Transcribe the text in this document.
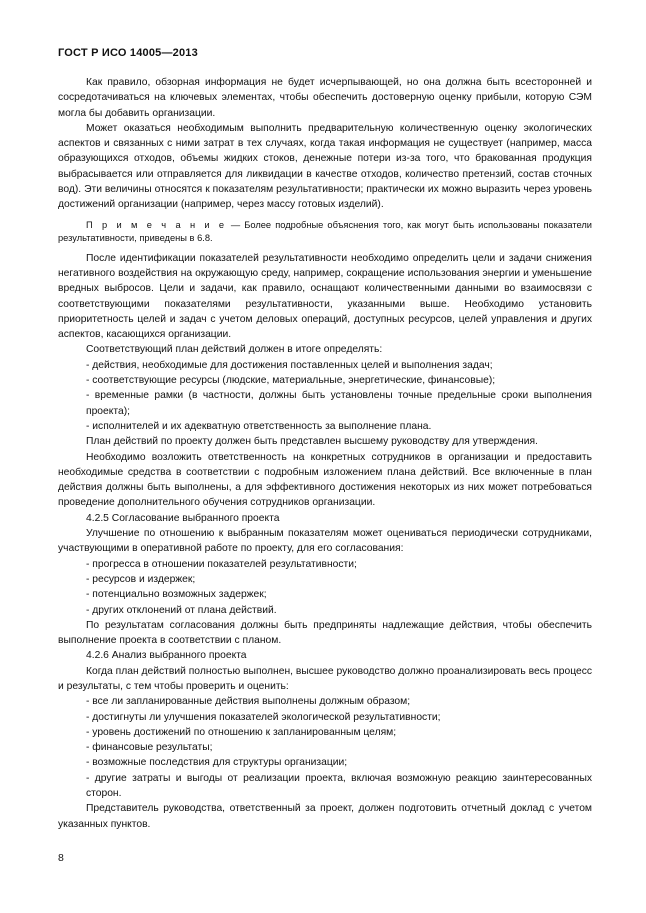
ГОСТ Р ИСО 14005—2013

Как правило, обзорная информация не будет исчерпывающей, но она должна быть всесторонней и сосредотачиваться на ключевых элементах, чтобы обеспечить достоверную оценку прибыли, которую СЭМ могла бы добавить организации.

Может оказаться необходимым выполнить предварительную количественную оценку экологических аспектов и связанных с ними затрат в тех случаях, когда такая информация не существует (например, масса образующихся отходов, объемы жидких стоков, денежные потери из-за того, что бракованная продукция выбрасывается или отправляется для ликвидации в качестве отходов, количество претензий, состав сточных вод). Эти величины относятся к показателям результативности; практически их можно выразить через уровень достижений организации (например, через массу готовых изделий).

П р и м е ч а н и е — Более подробные объяснения того, как могут быть использованы показатели результативности, приведены в 6.8.

После идентификации показателей результативности необходимо определить цели и задачи снижения негативного воздействия на окружающую среду, например, сокращение использования энергии и уменьшение вредных выбросов. Цели и задачи, как правило, оснащают количественными данными во взаимосвязи с соответствующими показателями результативности, указанными выше. Необходимо установить приоритетность целей и задач с учетом деловых операций, доступных ресурсов, целей управления и других аспектов, касающихся организации.

Соответствующий план действий должен в итоге определять:

- действия, необходимые для достижения поставленных целей и выполнения задач;

- соответствующие ресурсы (людские, материальные, энергетические, финансовые);

- временные рамки (в частности, должны быть установлены точные предельные сроки выполнения проекта);

- исполнителей и их адекватную ответственность за выполнение плана.

План действий по проекту должен быть представлен высшему руководству для утверждения.

Необходимо возложить ответственность на конкретных сотрудников в организации и предоставить необходимые средства в соответствии с подробным изложением плана действий. Все включенные в план действия должны быть выполнены, а для эффективного достижения некоторых из них может потребоваться проведение дополнительного обучения сотрудников организации.

4.2.5 Согласование выбранного проекта

Улучшение по отношению к выбранным показателям может оцениваться периодически сотрудниками, участвующими в оперативной работе по проекту, для его согласования:

- прогресса в отношении показателей результативности;

- ресурсов и издержек;

- потенциально возможных задержек;

- других отклонений от плана действий.

По результатам согласования должны быть предприняты надлежащие действия, чтобы обеспечить выполнение проекта в соответствии с планом.

4.2.6 Анализ выбранного проекта

Когда план действий полностью выполнен, высшее руководство должно проанализировать весь процесс и результаты, с тем чтобы проверить и оценить:

- все ли запланированные действия выполнены должным образом;

- достигнуты ли улучшения показателей экологической результативности;

- уровень достижений по отношению к запланированным целям;

- финансовые результаты;

- возможные последствия для структуры организации;

- другие затраты и выгоды от реализации проекта, включая возможную реакцию заинтересованных сторон.

Представитель руководства, ответственный за проект, должен подготовить отчетный доклад с учетом указанных пунктов.

8
